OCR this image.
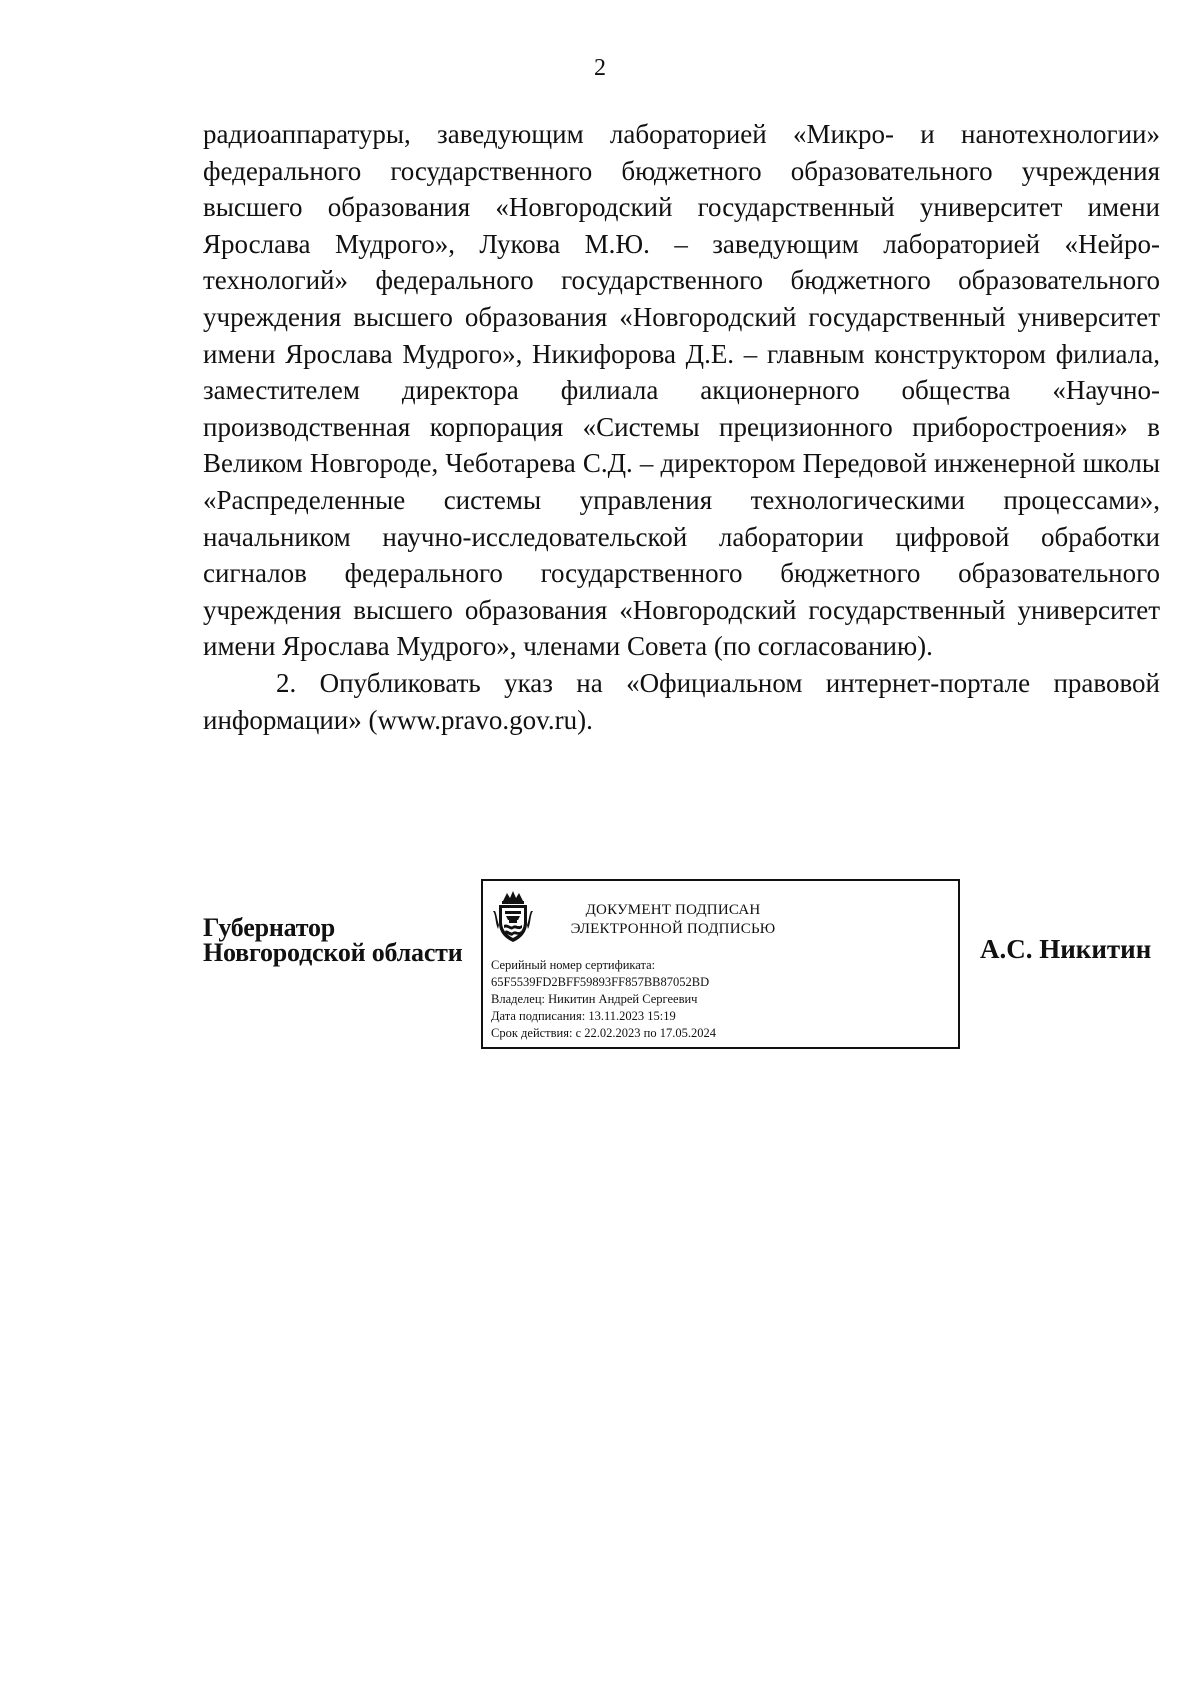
2

радиоаппаратуры, заведующим лабораторией «Микро- и нанотехнологии» федерального государственного бюджетного образовательного учреждения высшего образования «Новгородский государственный университет имени Ярослава Мудрого», Лукова М.Ю. – заведующим лабораторией «Нейротехнологий» федерального государственного бюджетного образовательного учреждения высшего образования «Новгородский государственный университет имени Ярослава Мудрого», Никифорова Д.Е. – главным конструктором филиала, заместителем директора филиала акционерного общества «Научно-производственная корпорация «Системы прецизионного приборостроения» в Великом Новгороде, Чеботарева С.Д. – директором Передовой инженерной школы «Распределенные системы управления технологическими процессами», начальником научно-исследовательской лаборатории цифровой обработки сигналов федерального государственного бюджетного образовательного учреждения высшего образования «Новгородский государственный университет имени Ярослава Мудрого», членами Совета (по согласованию).

2. Опубликовать указ на «Официальном интернет-портале правовой информации» (www.pravo.gov.ru).

Губернатор
Новгородской области
ДОКУМЕНТ ПОДПИСАН
ЭЛЕКТРОННОЙ ПОДПИСЬЮ
Серийный номер сертификата:
65F5539FD2BFF59893FF857BB87052BD
Владелец: Никитин Андрей Сергеевич
Дата подписания: 13.11.2023 15:19
Срок действия: с 22.02.2023 по 17.05.2024
А.С. Никитин
